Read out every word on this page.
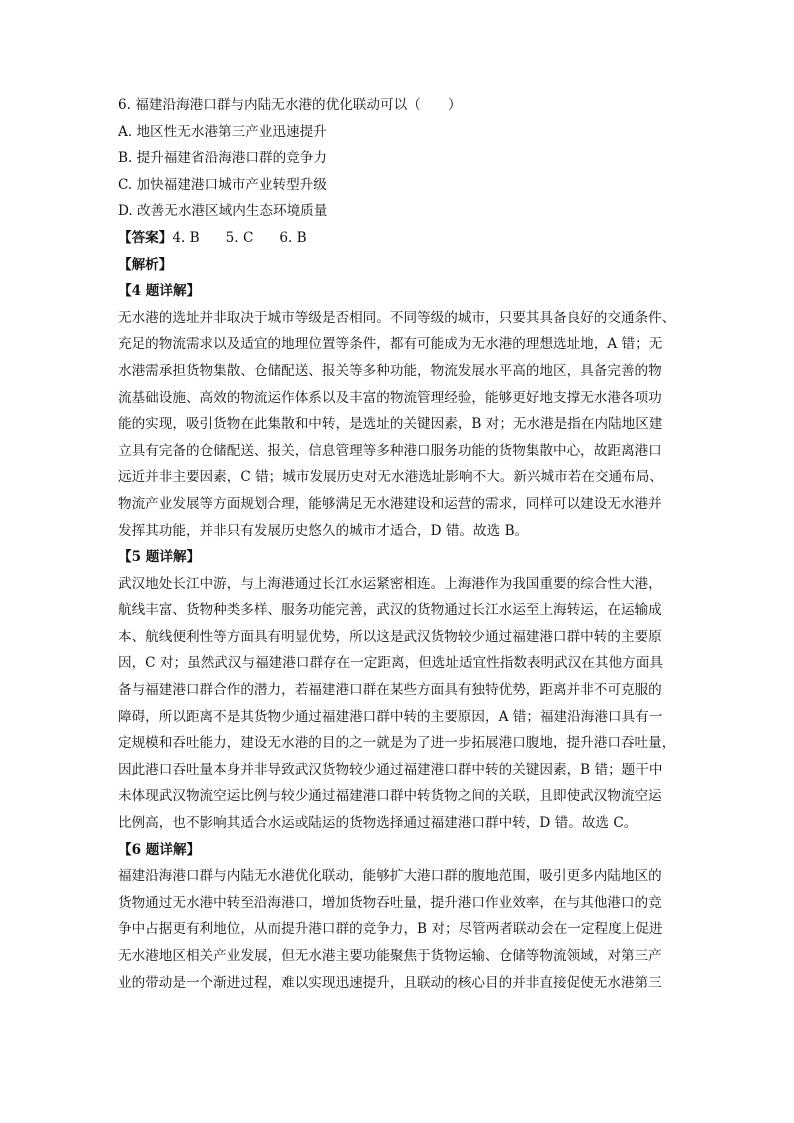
6. 福建沿海港口群与内陆无水港的优化联动可以（　　）
A. 地区性无水港第三产业迅速提升
B. 提升福建省沿海港口群的竞争力
C. 加快福建港口城市产业转型升级
D. 改善无水港区域内生态环境质量
【答案】4. B 5. C 6. B
【解析】
【4 题详解】
无水港的选址并非取决于城市等级是否相同。不同等级的城市，只要其具备良好的交通条件、
充足的物流需求以及适宜的地理位置等条件，都有可能成为无水港的理想选址地，A 错；无
水港需承担货物集散、仓储配送、报关等多种功能，物流发展水平高的地区，具备完善的物
流基础设施、高效的物流运作体系以及丰富的物流管理经验，能够更好地支撑无水港各项功
能的实现，吸引货物在此集散和中转，是选址的关键因素，B 对；无水港是指在内陆地区建
立具有完备的仓储配送、报关，信息管理等多种港口服务功能的货物集散中心，故距离港口
远近并非主要因素，C 错；城市发展历史对无水港选址影响不大。新兴城市若在交通布局、
物流产业发展等方面规划合理，能够满足无水港建设和运营的需求，同样可以建设无水港并
发挥其功能，并非只有发展历史悠久的城市才适合，D 错。故选 B。
【5 题详解】
武汉地处长江中游，与上海港通过长江水运紧密相连。上海港作为我国重要的综合性大港，
航线丰富、货物种类多样、服务功能完善，武汉的货物通过长江水运至上海转运，在运输成
本、航线便利性等方面具有明显优势，所以这是武汉货物较少通过福建港口群中转的主要原
因，C 对；虽然武汉与福建港口群存在一定距离，但选址适宜性指数表明武汉在其他方面具
备与福建港口群合作的潜力，若福建港口群在某些方面具有独特优势，距离并非不可克服的
障碍，所以距离不是其货物少通过福建港口群中转的主要原因，A 错；福建沿海港口具有一
定规模和吞吐能力，建设无水港的目的之一就是为了进一步拓展港口腹地，提升港口吞吐量，
因此港口吞吐量本身并非导致武汉货物较少通过福建港口群中转的关键因素，B 错；题干中
未体现武汉物流空运比例与较少通过福建港口群中转货物之间的关联，且即使武汉物流空运
比例高，也不影响其适合水运或陆运的货物选择通过福建港口群中转，D 错。故选 C。
【6 题详解】
福建沿海港口群与内陆无水港优化联动，能够扩大港口群的腹地范围，吸引更多内陆地区的
货物通过无水港中转至沿海港口，增加货物吞吐量，提升港口作业效率，在与其他港口的竞
争中占据更有利地位，从而提升港口群的竞争力，B 对；尽管两者联动会在一定程度上促进
无水港地区相关产业发展，但无水港主要功能聚焦于货物运输、仓储等物流领域，对第三产
业的带动是一个渐进过程，难以实现迅速提升，且联动的核心目的并非直接促使无水港第三
